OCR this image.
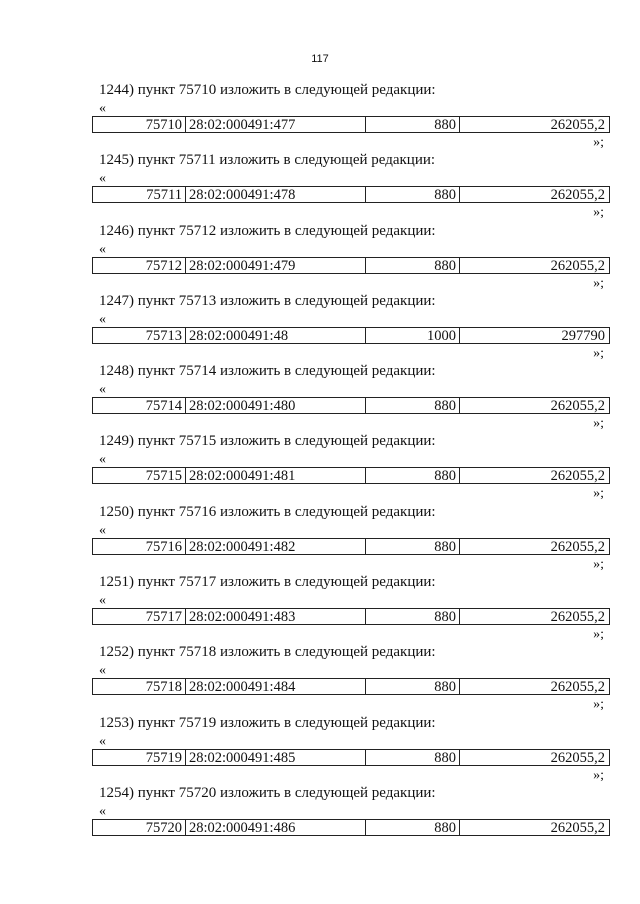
117
1244) пункт 75710 изложить в следующей редакции:
«
75710 28:02:000491:477	880	262055,2
»;
1245) пункт 75711 изложить в следующей редакции:
«
75711 28:02:000491:478	880	262055,2
»;
1246) пункт 75712 изложить в следующей редакции:
«
75712 28:02:000491:479	880	262055,2
»;
1247) пункт 75713 изложить в следующей редакции:
«
75713 28:02:000491:48	1000	297790
»;
1248) пункт 75714 изложить в следующей редакции:
«
75714 28:02:000491:480	880	262055,2
»;
1249) пункт 75715 изложить в следующей редакции:
«
75715 28:02:000491:481	880	262055,2
»;
1250) пункт 75716 изложить в следующей редакции:
«
75716 28:02:000491:482	880	262055,2
»;
1251) пункт 75717 изложить в следующей редакции:
«
75717 28:02:000491:483	880	262055,2
»;
1252) пункт 75718 изложить в следующей редакции:
«
75718 28:02:000491:484	880	262055,2
»;
1253) пункт 75719 изложить в следующей редакции:
«
75719 28:02:000491:485	880	262055,2
»;
1254) пункт 75720 изложить в следующей редакции:
«
75720 28:02:000491:486	880	262055,2
